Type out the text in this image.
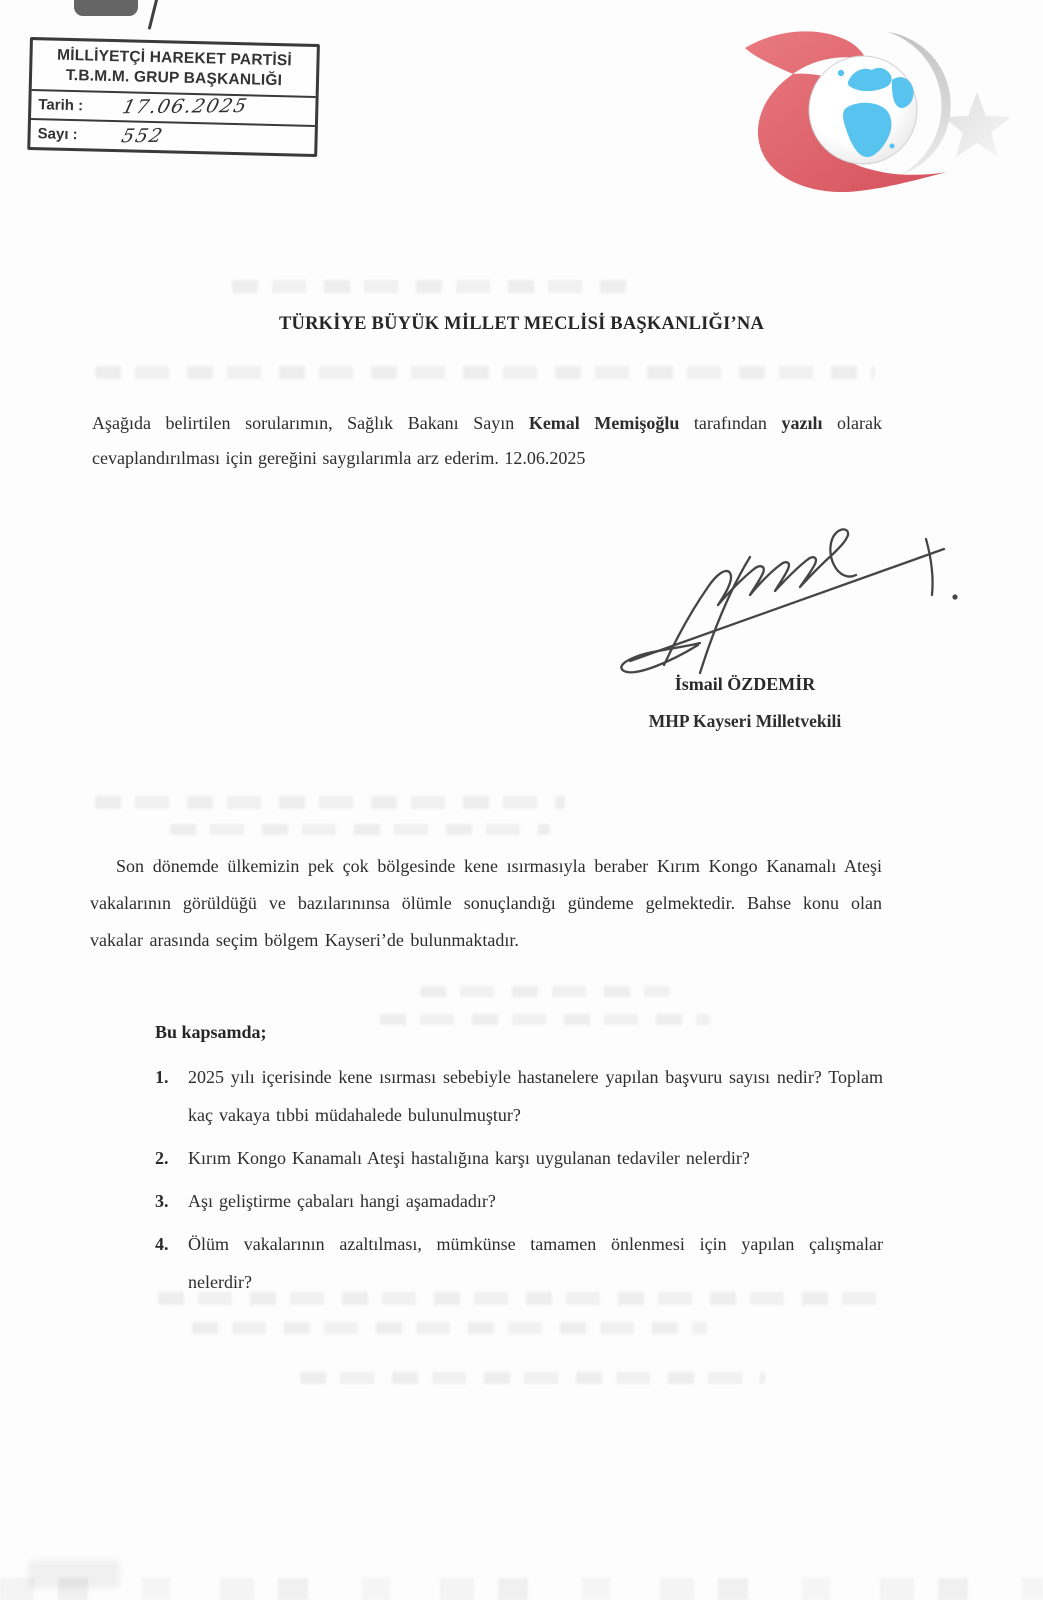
MİLLİYETÇİ HAREKET PARTİSİ
T.B.M.M. GRUP BAŞKANLIĞI
Tarih :	17.06.2025
Sayı :	552
TÜRKİYE BÜYÜK MİLLET MECLİSİ BAŞKANLIĞI’NA
Aşağıda belirtilen sorularımın, Sağlık Bakanı Sayın Kemal Memişoğlu tarafından yazılı olarak cevaplandırılması için gereğini saygılarımla arz ederim. 12.06.2025
İsmail ÖZDEMİR
MHP Kayseri Milletvekili
Son dönemde ülkemizin pek çok bölgesinde kene ısırmasıyla beraber Kırım Kongo Kanamalı Ateşi vakalarının görüldüğü ve bazılarınınsa ölümle sonuçlandığı gündeme gelmektedir. Bahse konu olan vakalar arasında seçim bölgem Kayseri’de bulunmaktadır.
Bu kapsamda;
1.	2025 yılı içerisinde kene ısırması sebebiyle hastanelere yapılan başvuru sayısı nedir? Toplam kaç vakaya tıbbi müdahalede bulunulmuştur?
2.	Kırım Kongo Kanamalı Ateşi hastalığına karşı uygulanan tedaviler nelerdir?
3.	Aşı geliştirme çabaları hangi aşamadadır?
4.	Ölüm vakalarının azaltılması, mümkünse tamamen önlenmesi için yapılan çalışmalar nelerdir?
